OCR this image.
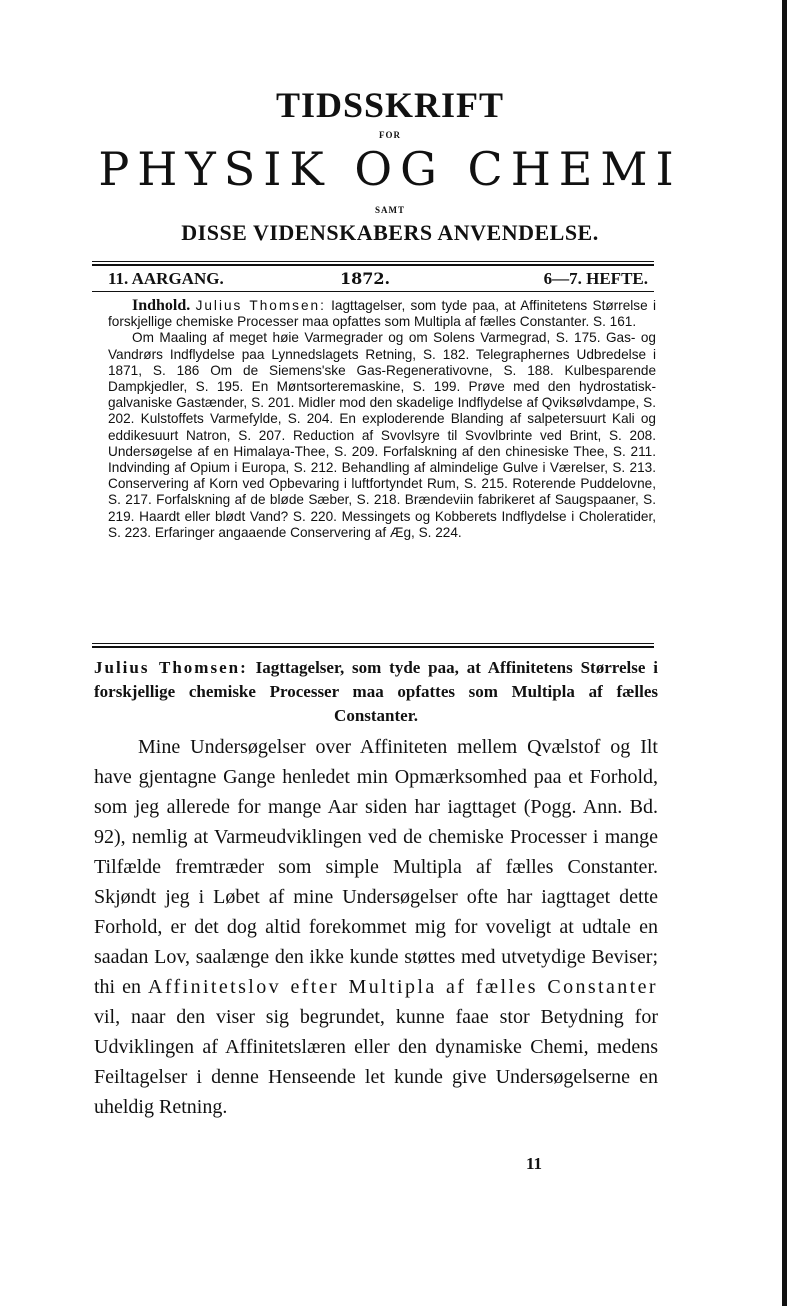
TIDSSKRIFT
FOR
PHYSIK OG CHEMI
SAMT
DISSE VIDENSKABERS ANVENDELSE.
11. AARGANG.	1872.	6—7. HEFTE.

Indhold. Julius Thomsen: Iagttagelser, som tyde paa, at Affinitetens Størrelse i forskjellige chemiske Processer maa opfattes som Multipla af fælles Constanter. S. 161.

Om Maaling af meget høie Varmegrader og om Solens Varmegrad, S. 175. Gas- og Vandrørs Indflydelse paa Lynnedslagets Retning, S. 182. Telegraphernes Udbredelse i 1871, S. 186 Om de Siemens'ske Gas-Regenerativovne, S. 188. Kulbesparende Dampkjedler, S. 195. En Møntsorteremaskine, S. 199. Prøve med den hydrostatisk-galvaniske Gastænder, S. 201. Midler mod den skadelige Indflydelse af Qviksølvdampe, S. 202. Kulstoffets Varmefylde, S. 204. En exploderende Blanding af salpetersuurt Kali og eddikesuurt Natron, S. 207. Reduction af Svovlsyre til Svovlbrinte ved Brint, S. 208. Undersøgelse af en Himalaya-Thee, S. 209. Forfalskning af den chinesiske Thee, S. 211. Indvinding af Opium i Europa, S. 212. Behandling af almindelige Gulve i Værelser, S. 213. Conservering af Korn ved Opbevaring i luftfortyndet Rum, S. 215. Roterende Puddelovne, S. 217. Forfalskning af de bløde Sæber, S. 218. Brændeviin fabrikeret af Saugspaaner, S. 219. Haardt eller blødt Vand? S. 220. Messingets og Kobberets Indflydelse i Choleratider, S. 223. Erfaringer angaaende Conservering af Æg, S. 224.

Julius Thomsen: Iagttagelser, som tyde paa, at Affinitetens Størrelse i forskjellige chemiske Processer maa opfattes som Multipla af fælles Constanter.

Mine Undersøgelser over Affiniteten mellem Qvælstof og Ilt have gjentagne Gange henledet min Opmærksomhed paa et Forhold, som jeg allerede for mange Aar siden har iagttaget (Pogg. Ann. Bd. 92), nemlig at Varmeudviklingen ved de chemiske Processer i mange Tilfælde fremtræder som simple Multipla af fælles Constanter. Skjøndt jeg i Løbet af mine Undersøgelser ofte har iagttaget dette Forhold, er det dog altid forekommet mig for voveligt at udtale en saadan Lov, saalænge den ikke kunde støttes med utvetydige Beviser; thi en Affinitetslov efter Multipla af fælles Constanter vil, naar den viser sig begrundet, kunne faae stor Betydning for Udviklingen af Affinitetslæren eller den dynamiske Chemi, medens Feiltagelser i denne Henseende let kunde give Undersøgelserne en uheldig Retning.

11
